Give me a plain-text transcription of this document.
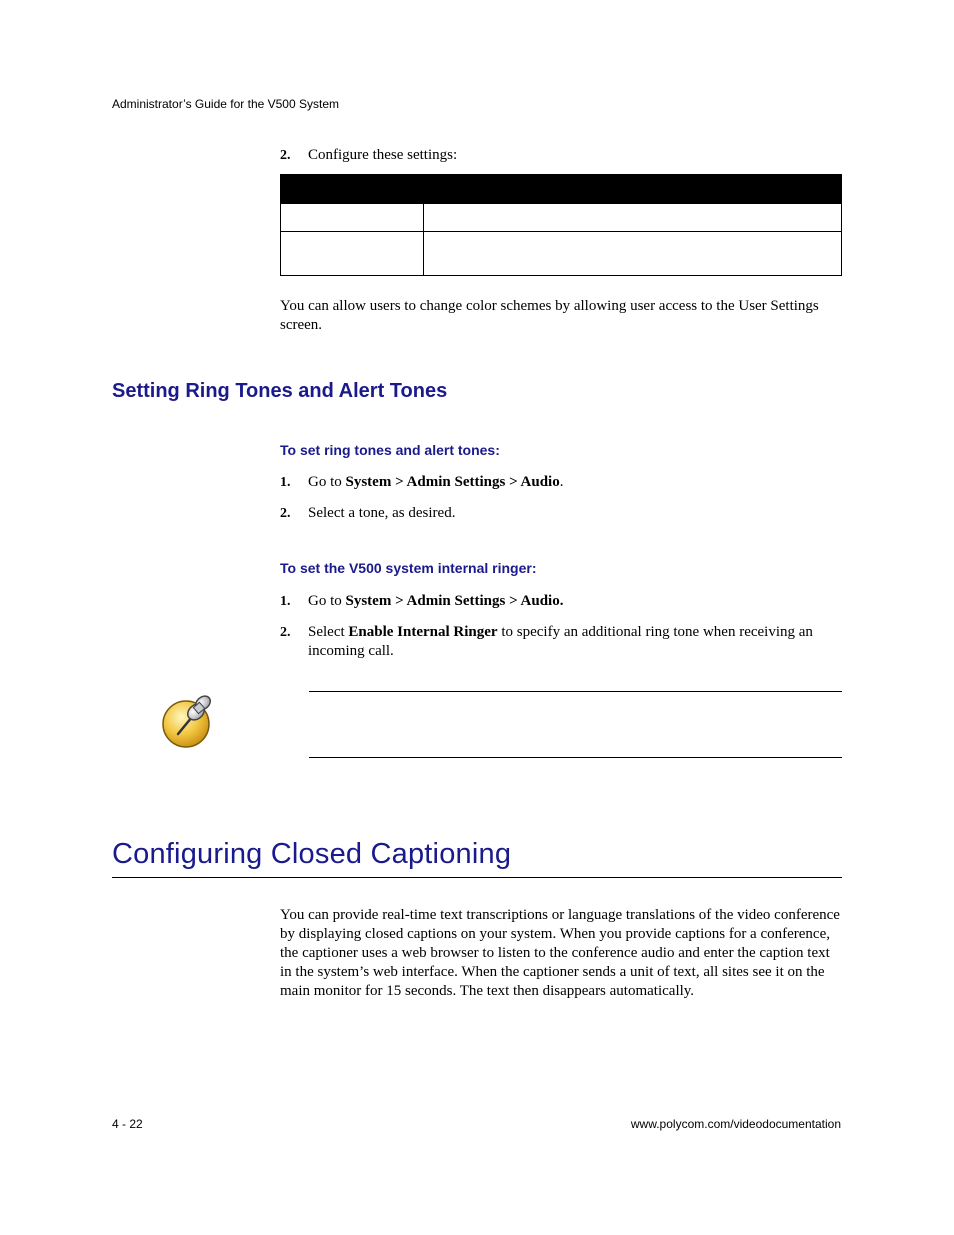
Administrator’s Guide for the V500 System
2. Configure these settings:

You can allow users to change color schemes by allowing user access to the User Settings screen.
Setting Ring Tones and Alert Tones
To set ring tones and alert tones:
1. Go to System > Admin Settings > Audio.
2. Select a tone, as desired.
To set the V500 system internal ringer:
1. Go to System > Admin Settings > Audio.
2. Select Enable Internal Ringer to specify an additional ring tone when receiving an incoming call.
Configuring Closed Captioning
You can provide real-time text transcriptions or language translations of the video conference by displaying closed captions on your system. When you provide captions for a conference, the captioner uses a web browser to listen to the conference audio and enter the caption text in the system’s web interface. When the captioner sends a unit of text, all sites see it on the main monitor for 15 seconds. The text then disappears automatically.
4 - 22	www.polycom.com/videodocumentation
